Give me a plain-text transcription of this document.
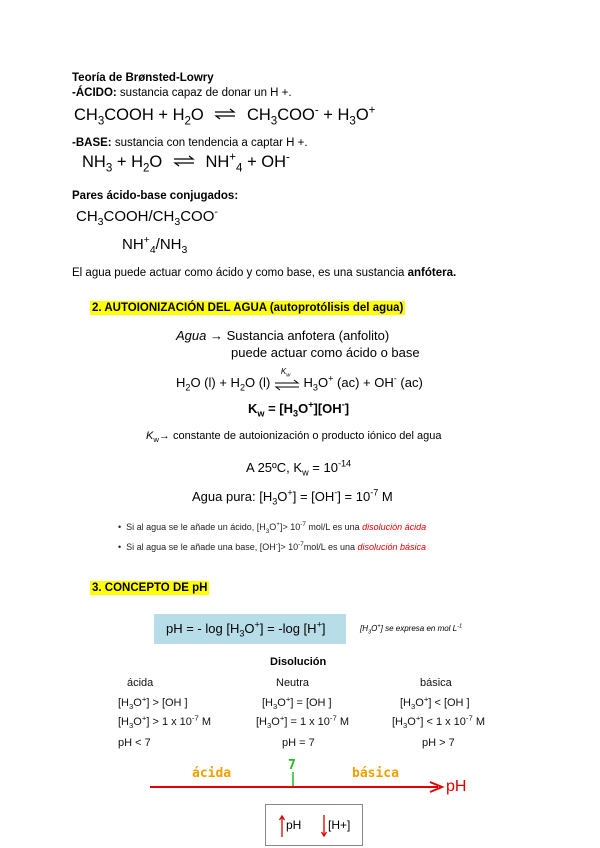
Teoría de Brønsted-Lowry
-ÁCIDO: sustancia capaz de donar un H +.
$CH_3COOH + H_2O$ ⇌ $CH_3COO^- + H_3O^+$
-BASE: sustancia con tendencia a captar H +.
$NH_3 + H_2O$ ⇌ $NH^+_4 + OH^-$
Pares ácido-base conjugados:
$CH_3COOH/CH_3COO^-$
$NH^+_4/NH_3$
El agua puede actuar como ácido y como base, es una sustancia anfótera.
2. AUTOIONIZACIÓN DEL AGUA (autoprotólisis del agua)
Agua → Sustancia anfotera (anfolito)
puede actuar como ácido o base
$H_2O$ $(l) + H_2O$ (l)
$K_w$ $H_3O^+$ (ac) + OH- (ac)
$K_w = [H_3O^+][OH^-]$
$K_w\to$ constante de autoionización o producto iónico del agua
A 25ºC, $K_w = 10^{-14}$
Agua pura: $[H_3O^+] = [OH^-] = 10^{-7}$ M
•  Si al agua se le añade un ácido, $[H_3O^+]> 10^{-7}$ mol/L es una disolución ácida
•  Si al agua se le añade una base, $[OH^-]> 10^{-7}mol/L$ es una disolución básica
3. CONCEPTO DE pH
pH = - $\log [H_3O^+] = -\log$ [H+]	$[H_3O^+]$ se expresa en mol $L^{-1}$
Disolución
ácida
$[H_3O^+] > [OH$ ]
$[H_3O^+] > 1$ x $10^{-7}$ M
pH < 7
Neutra
$[H_3O^+] = [OH$ ]
$[H_3O^+] = 1$ x $10^{-7}$ M
pH = 7
básica
$[H_3O^+] < [OH$ ]
$[H_3O^+] < 1$ x $10^{-7}$ M
pH > 7
ácida	básica
7
pH
pH [H+]
